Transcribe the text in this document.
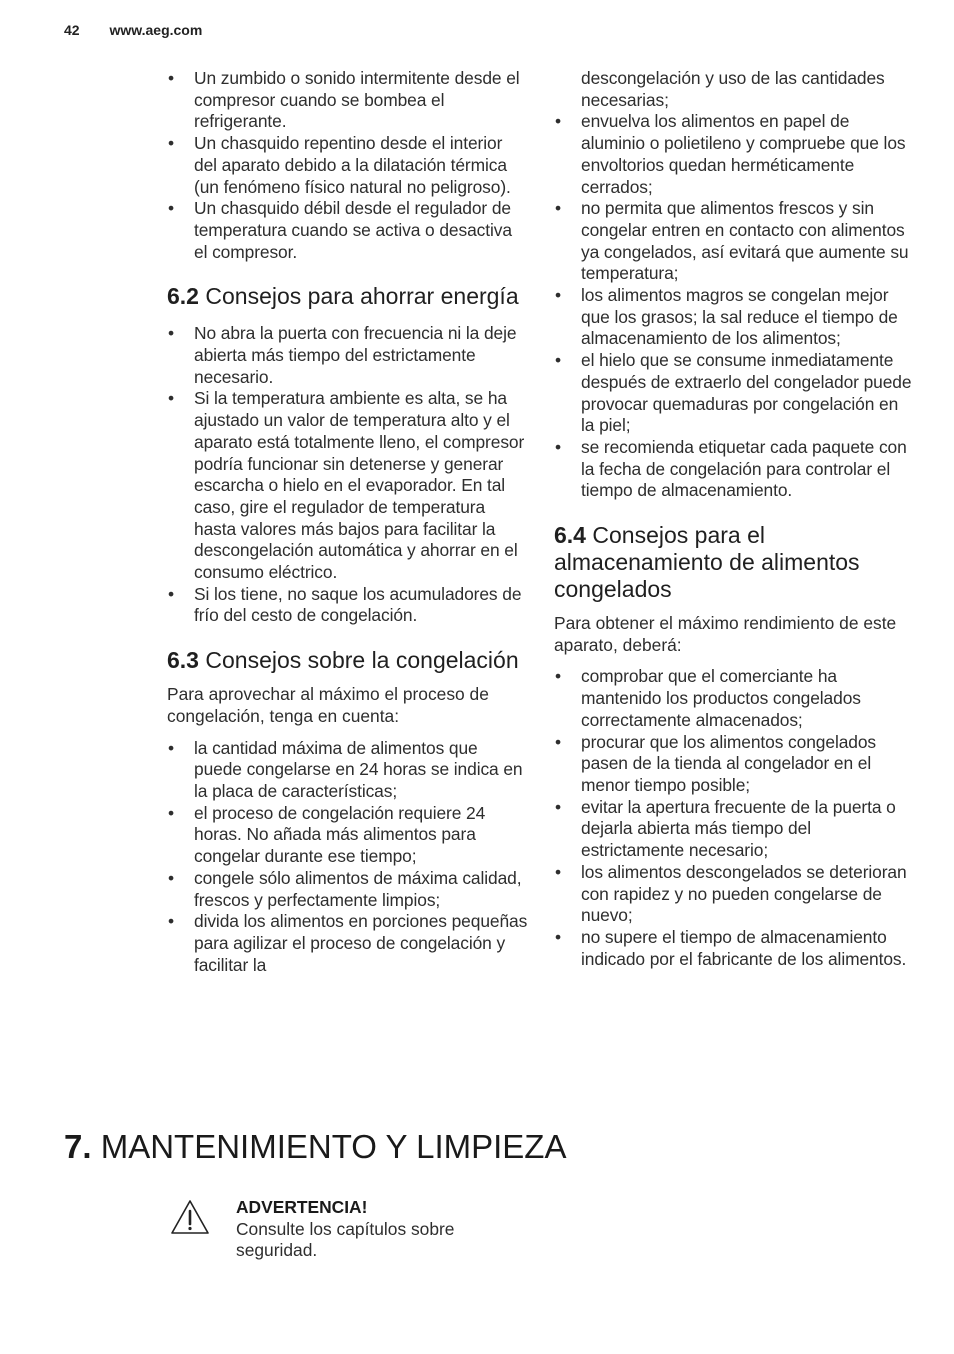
42 www.aeg.com
• Un zumbido o sonido intermitente desde el compresor cuando se bombea el refrigerante.
• Un chasquido repentino desde el interior del aparato debido a la dilatación térmica (un fenómeno físico natural no peligroso).
• Un chasquido débil desde el regulador de temperatura cuando se activa o desactiva el compresor.
6.2 Consejos para ahorrar energía
• No abra la puerta con frecuencia ni la deje abierta más tiempo del estrictamente necesario.
• Si la temperatura ambiente es alta, se ha ajustado un valor de temperatura alto y el aparato está totalmente lleno, el compresor podría funcionar sin detenerse y generar escarcha o hielo en el evaporador. En tal caso, gire el regulador de temperatura hasta valores más bajos para facilitar la descongelación automática y ahorrar en el consumo eléctrico.
• Si los tiene, no saque los acumuladores de frío del cesto de congelación.
6.3 Consejos sobre la congelación

Para aprovechar al máximo el proceso de congelación, tenga en cuenta:

• la cantidad máxima de alimentos que puede congelarse en 24 horas se indica en la placa de características;
• el proceso de congelación requiere 24 horas. No añada más alimentos para congelar durante ese tiempo;
• congele sólo alimentos de máxima calidad, frescos y perfectamente limpios;
• divida los alimentos en porciones pequeñas para agilizar el proceso de congelación y facilitar la
descongelación y uso de las cantidades necesarias;
• envuelva los alimentos en papel de aluminio o polietileno y compruebe que los envoltorios quedan herméticamente cerrados;
• no permita que alimentos frescos y sin congelar entren en contacto con alimentos ya congelados, así evitará que aumente su temperatura;
• los alimentos magros se congelan mejor que los grasos; la sal reduce el tiempo de almacenamiento de los alimentos;
• el hielo que se consume inmediatamente después de extraerlo del congelador puede provocar quemaduras por congelación en la piel;
• se recomienda etiquetar cada paquete con la fecha de congelación para controlar el tiempo de almacenamiento.
6.4 Consejos para el almacenamiento de alimentos congelados

Para obtener el máximo rendimiento de este aparato, deberá:

• comprobar que el comerciante ha mantenido los productos congelados correctamente almacenados;
• procurar que los alimentos congelados pasen de la tienda al congelador en el menor tiempo posible;
• evitar la apertura frecuente de la puerta o dejarla abierta más tiempo del estrictamente necesario;
• los alimentos descongelados se deterioran con rapidez y no pueden congelarse de nuevo;
• no supere el tiempo de almacenamiento indicado por el fabricante de los alimentos.
7. MANTENIMIENTO Y LIMPIEZA
ADVERTENCIA!
Consulte los capítulos sobre seguridad.
